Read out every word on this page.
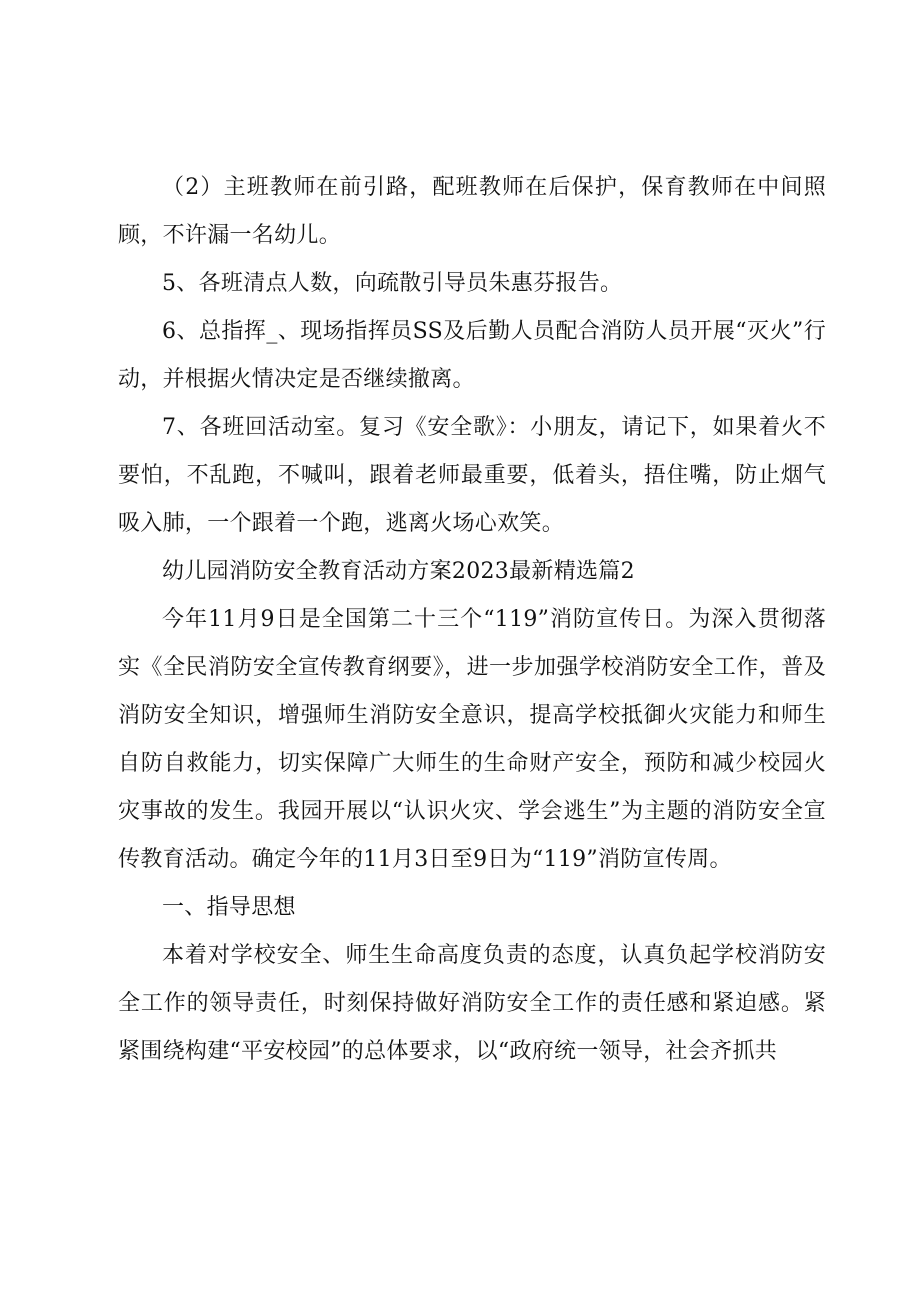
（2）主班教师在前引路，配班教师在后保护，保育教师在中间照顾，不许漏一名幼儿。

5、各班清点人数，向疏散引导员朱惠芬报告。

6、总指挥_、现场指挥员SS及后勤人员配合消防人员开展“灭火”行动，并根据火情决定是否继续撤离。

7、各班回活动室。复习《安全歌》：小朋友，请记下，如果着火不要怕，不乱跑，不喊叫，跟着老师最重要，低着头，捂住嘴，防止烟气吸入肺，一个跟着一个跑，逃离火场心欢笑。

幼儿园消防安全教育活动方案2023最新精选篇2

今年11月9日是全国第二十三个“119”消防宣传日。为深入贯彻落实《全民消防安全宣传教育纲要》，进一步加强学校消防安全工作，普及消防安全知识，增强师生消防安全意识，提高学校抵御火灾能力和师生自防自救能力，切实保障广大师生的生命财产安全，预防和减少校园火灾事故的发生。我园开展以“认识火灾、学会逃生”为主题的消防安全宣传教育活动。确定今年的11月3日至9日为“119”消防宣传周。

一、指导思想

本着对学校安全、师生生命高度负责的态度，认真负起学校消防安全工作的领导责任，时刻保持做好消防安全工作的责任感和紧迫感。紧紧围绕构建“平安校园”的总体要求，以“政府统一领导，社会齐抓共
